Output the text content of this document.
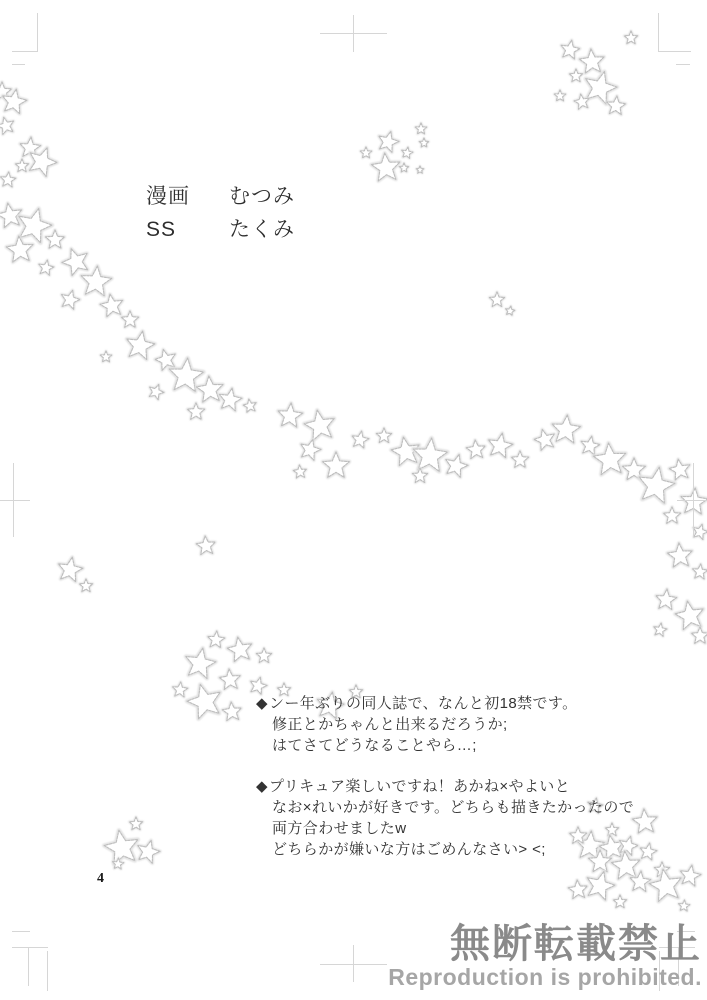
漫画 むつみ
SS	たくみ
◆ンー年ぶりの同人誌で、なんと初18禁です。
修正とかちゃんと出来るだろうか;
はてさてどうなることやら…;
◆プリキュア楽しいですね！あかね×やよいと
なお×れいかが好きです。どちらも描きたかったので
両方合わせましたw
どちらかが嫌いな方はごめんなさい> <;
4
無断転載禁止
Reproduction is prohibited.
